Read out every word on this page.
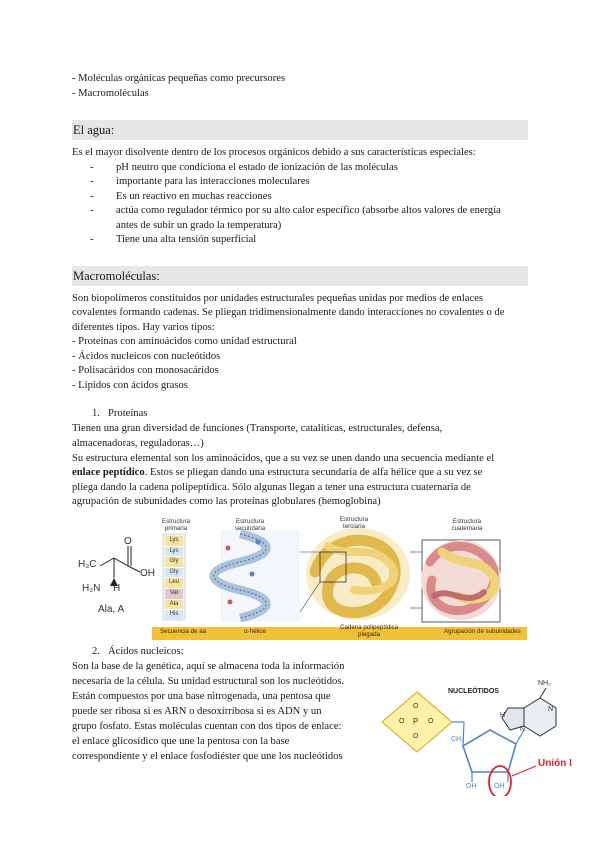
- Moléculas orgánicas pequeñas como precursores
- Macromoléculas
El agua:
Es el mayor disolvente dentro de los procesos orgánicos debido a sus características especiales:
- pH neutro que condiciona el estado de ionización de las moléculas
- importante para las interacciones moleculares
- Es un reactivo en muchas reacciones
- actúa como regulador térmico por su alto calor específico (absorbe altos valores de energía
antes de subir un grado la temperatura)
- Tiene una alta tensión superficial
Macromoléculas:
Son biopolímeros constituidos por unidades estructurales pequeñas unidas por medios de enlaces
covalentes formando cadenas. Se pliegan tridimensionalmente dando interacciones no covalentes o de
diferentes tipos. Hay varios tipos:
- Proteínas con aminoácidos como unidad estructural
- Ácidos nucleicos con nucleótidos
- Polisacáridos con monosacáridos
- Lípidos con ácidos grasos
1. Proteínas
Tienen una gran diversidad de funciones (Transporte, catalíticas, estructurales, defensa,
almacenadoras, reguladoras…)
Su estructura elemental son los aminoácidos, que a su vez se unen dando una secuencia mediante el
enlace peptídico. Estos se pliegan dando una estructura secundaria de alfa hélice que a su vez se
pliega dando la cadena polipeptídica. Sólo algunas llegan a tener una estructura cuaternaria de
agrupación de subunidades como las proteínas globulares (hemoglobina)
H₃C
OH
O
H₂N H
Ala, A
Estructura
primaria
Estructura
secundaria
Estructura
terciaria
Estructura
cuaternaria
Lys
Lys
Gly
Gly
Leu
Val
Ala
His
Secuencia de aa	α-hélice
Cadena polipeptídica
plegada	Agrupación de subunidades
2. Ácidos nucleicos:
Son la base de la genética, aquí se almacena toda la información
necesaria de la célula. Su unidad estructural son los nucleótidos.
Están compuestos por una base nitrogenada, una pentosa que
puede ser ribosa si es ARN o desoxirribosa si es ADN y un
grupo fosfato. Estas moléculas cuentan con dos tipos de enlace:
el enlace glicosídico que une la pentosa con la base
correspondiente y el enlace fosfodiéster que une los nucleótidos
NUCLEÓTIDOS
P
O
O
O	O
CH₂
OH	OH
NH₂
N
N
H
Unión I
